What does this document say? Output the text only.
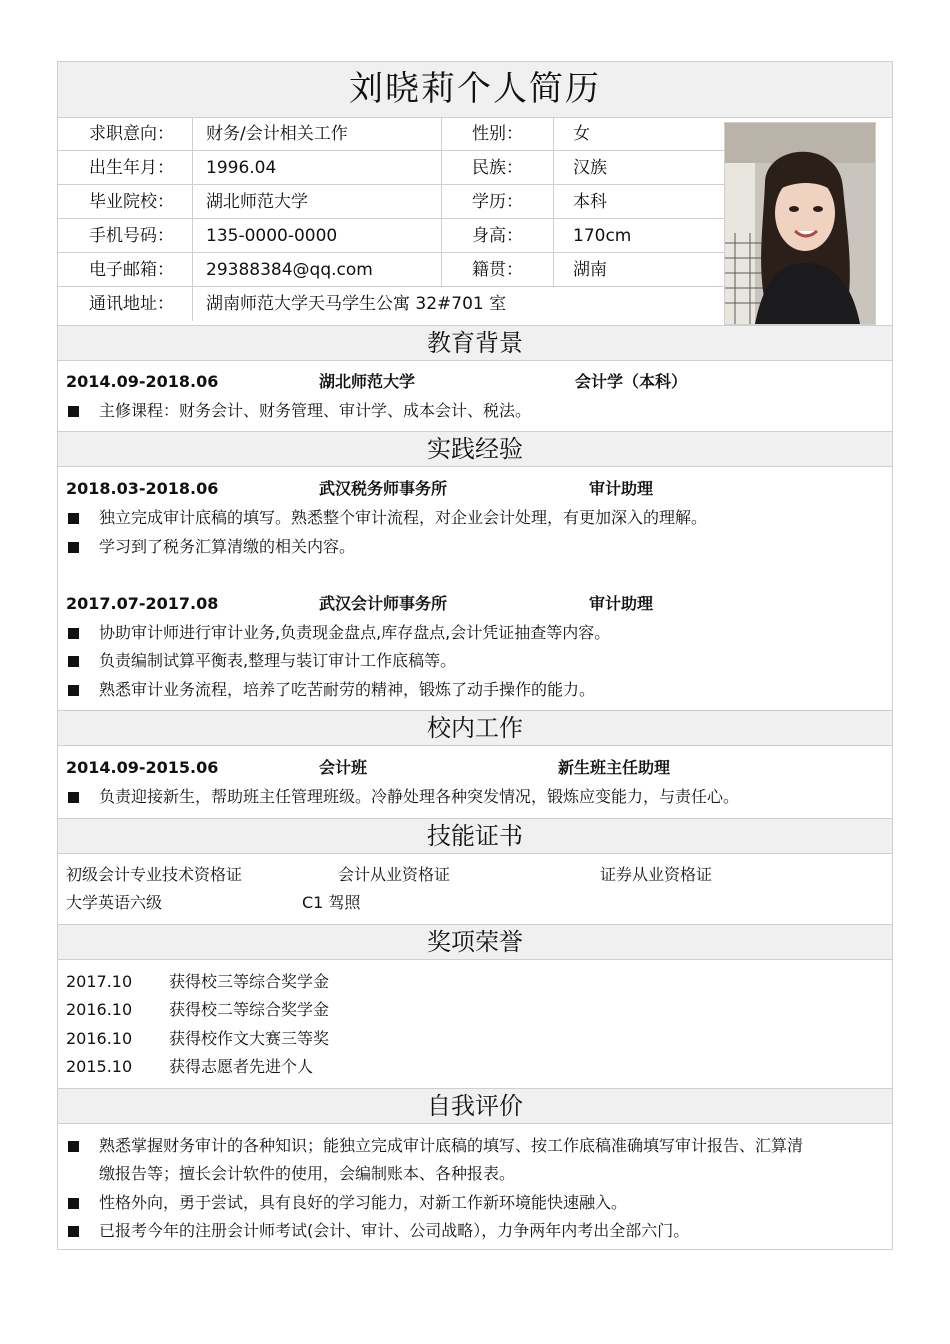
刘晓莉个人简历
求职意向：	财务/会计相关工作	性别：	女
出生年月：	1996.04	民族：	汉族
毕业院校：	湖北师范大学	学历：	本科
手机号码：	135-0000-0000	身高：	170cm
电子邮箱：	29388384@qq.com	籍贯：	湖南
通讯地址：	湖南师范大学天马学生公寓 32#701 室
教育背景
2014.09-2018.06	湖北师范大学	会计学（本科）
主修课程：财务会计、财务管理、审计学、成本会计、税法。
实践经验
2018.03-2018.06	武汉税务师事务所	审计助理
独立完成审计底稿的填写。熟悉整个审计流程，对企业会计处理，有更加深入的理解。
学习到了税务汇算清缴的相关内容。
2017.07-2017.08	武汉会计师事务所	审计助理
协助审计师进行审计业务,负责现金盘点,库存盘点,会计凭证抽查等内容。
负责编制试算平衡表,整理与装订审计工作底稿等。
熟悉审计业务流程，培养了吃苦耐劳的精神，锻炼了动手操作的能力。
校内工作
2014.09-2015.06	会计班	新生班主任助理
负责迎接新生，帮助班主任管理班级。冷静处理各种突发情况，锻炼应变能力，与责任心。
技能证书
初级会计专业技术资格证	会计从业资格证	证券从业资格证
大学英语六级	C1 驾照
奖项荣誉
2017.10 获得校三等综合奖学金
2016.10 获得校二等综合奖学金
2016.10 获得校作文大赛三等奖
2015.10 获得志愿者先进个人
自我评价
熟悉掌握财务审计的各种知识；能独立完成审计底稿的填写、按工作底稿准确填写审计报告、汇算清
缴报告等；擅长会计软件的使用，会编制账本、各种报表。
性格外向，勇于尝试，具有良好的学习能力，对新工作新环境能快速融入。
已报考今年的注册会计师考试(会计、审计、公司战略），力争两年内考出全部六门。
